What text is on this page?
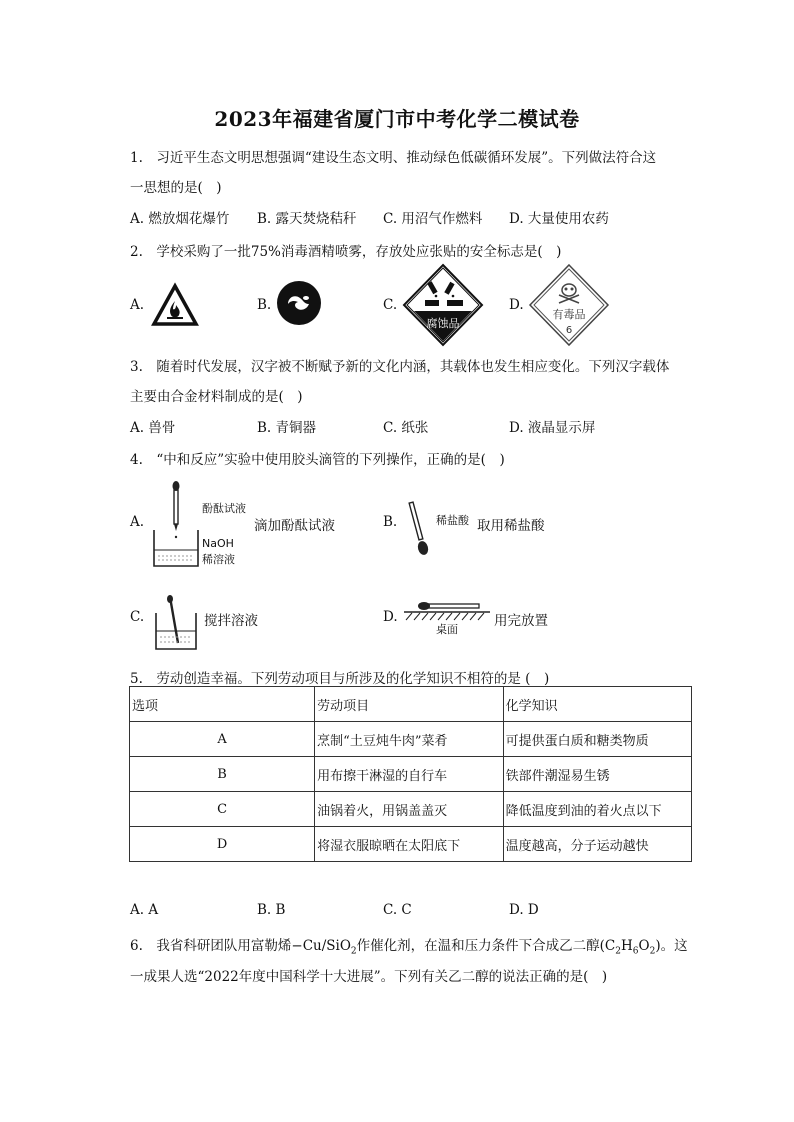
2023年福建省厦门市中考化学二模试卷
1.　习近平生态文明思想强调“建设生态文明、推动绿色低碳循环发展”。下列做法符合这
一思想的是(　)
A. 燃放烟花爆竹 B. 露天焚烧秸秆 C. 用沼气作燃料 D. 大量使用农药
2.　学校采购了一批75%消毒酒精喷雾，存放处应张贴的安全标志是(　)
A.	B.	C.	D.
腐蚀品
有毒品
6
3.　随着时代发展，汉字被不断赋予新的文化内涵，其载体也发生相应变化。下列汉字载体
主要由合金材料制成的是(　)
A. 兽骨	B. 青铜器	C. 纸张	D. 液晶显示屏
4.　“中和反应”实验中使用胶头滴管的下列操作，正确的是(　)
A.
酚酞试液
NaOH
稀溶液
滴加酚酞试液	B.	稀盐酸 取用稀盐酸
C.	搅拌溶液	D.
桌面
用完放置
5.　劳动创造幸福。下列劳动项目与所涉及的化学知识不相符的是 (　)
选项	劳动项目	化学知识
A	烹制“土豆炖牛肉”菜肴	可提供蛋白质和糖类物质
B	用布擦干淋湿的自行车	铁部件潮湿易生锈
C	油锅着火，用锅盖盖灭	降低温度到油的着火点以下
D	将湿衣服晾晒在太阳底下	温度越高，分子运动越快
A. A	B. B	C. C	D. D
6.　我省科研团队用富勒烯−Cu/SiO$_2$作催化剂，在温和压力条件下合成乙二醇$(C_2H_6O_2)$。这
一成果人选“2022年度中国科学十大进展”。下列有关乙二醇的说法正确的是(　)
